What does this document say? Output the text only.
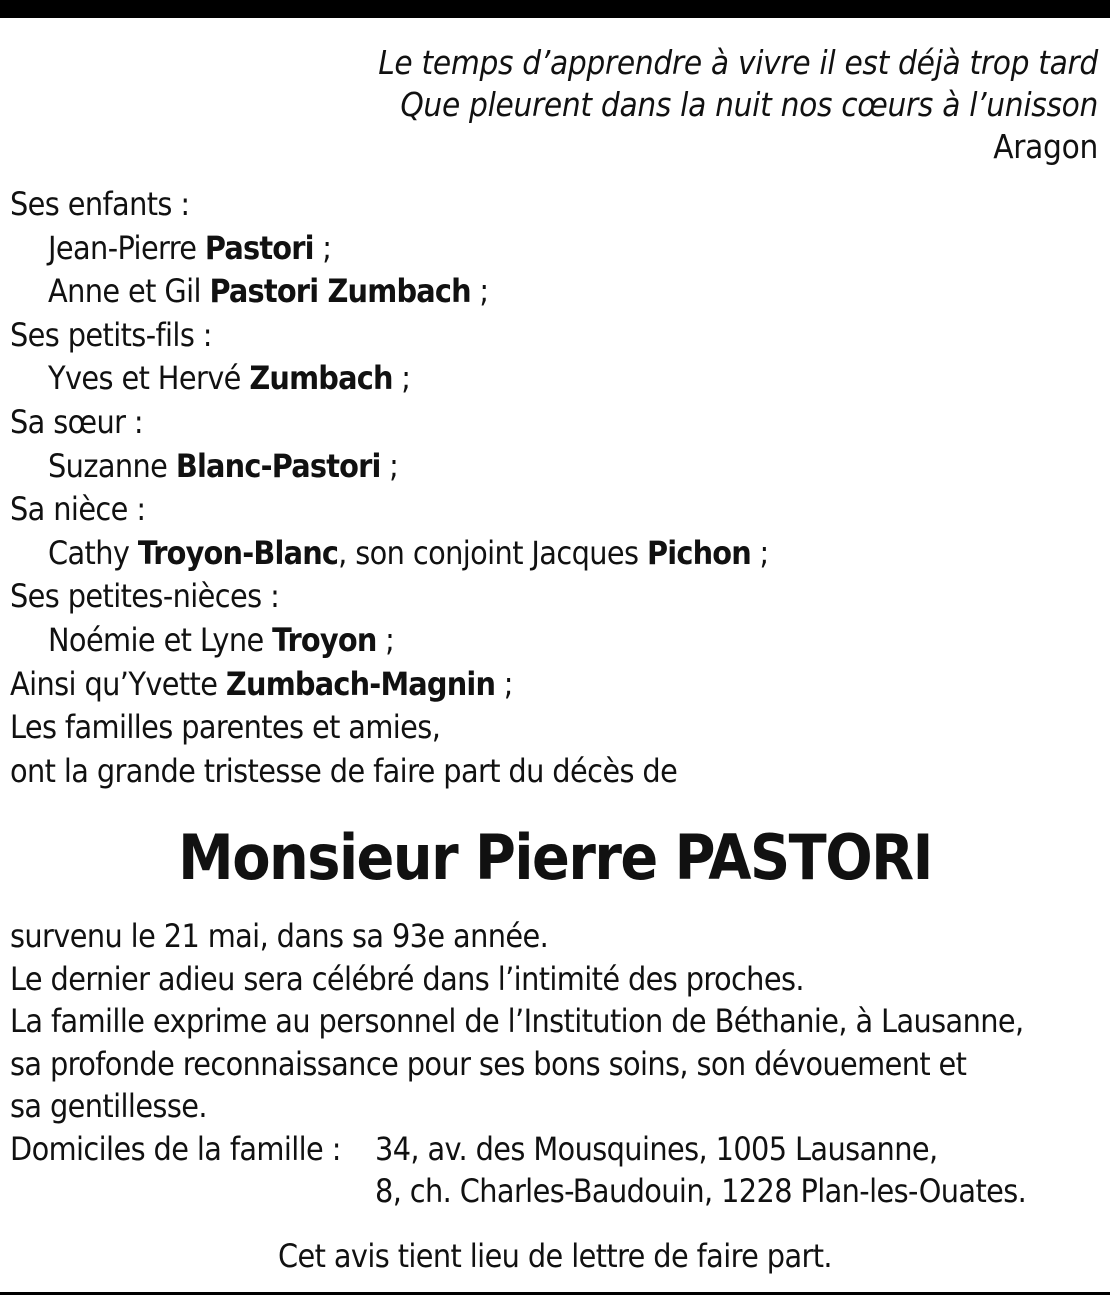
Le temps d’apprendre à vivre il est déjà trop tard
Que pleurent dans la nuit nos cœurs à l’unisson
Aragon
Ses enfants :
Jean-Pierre Pastori ;
Anne et Gil Pastori Zumbach ;
Ses petits-fils :
Yves et Hervé Zumbach ;
Sa sœur :
Suzanne Blanc-Pastori ;
Sa nièce :
Cathy Troyon-Blanc, son conjoint Jacques Pichon ;
Ses petites-nièces :
Noémie et Lyne Troyon ;
Ainsi qu’Yvette Zumbach-Magnin ;
Les familles parentes et amies,
ont la grande tristesse de faire part du décès de
Monsieur Pierre PASTORI
survenu le 21 mai, dans sa 93e année.
Le dernier adieu sera célébré dans l’intimité des proches.
La famille exprime au personnel de l’Institution de Béthanie, à Lausanne,
sa profonde reconnaissance pour ses bons soins, son dévouement et
sa gentillesse.
Domiciles de la famille :	34, av. des Mousquines, 1005 Lausanne,
8, ch. Charles-Baudouin, 1228 Plan-les-Ouates.
Cet avis tient lieu de lettre de faire part.
